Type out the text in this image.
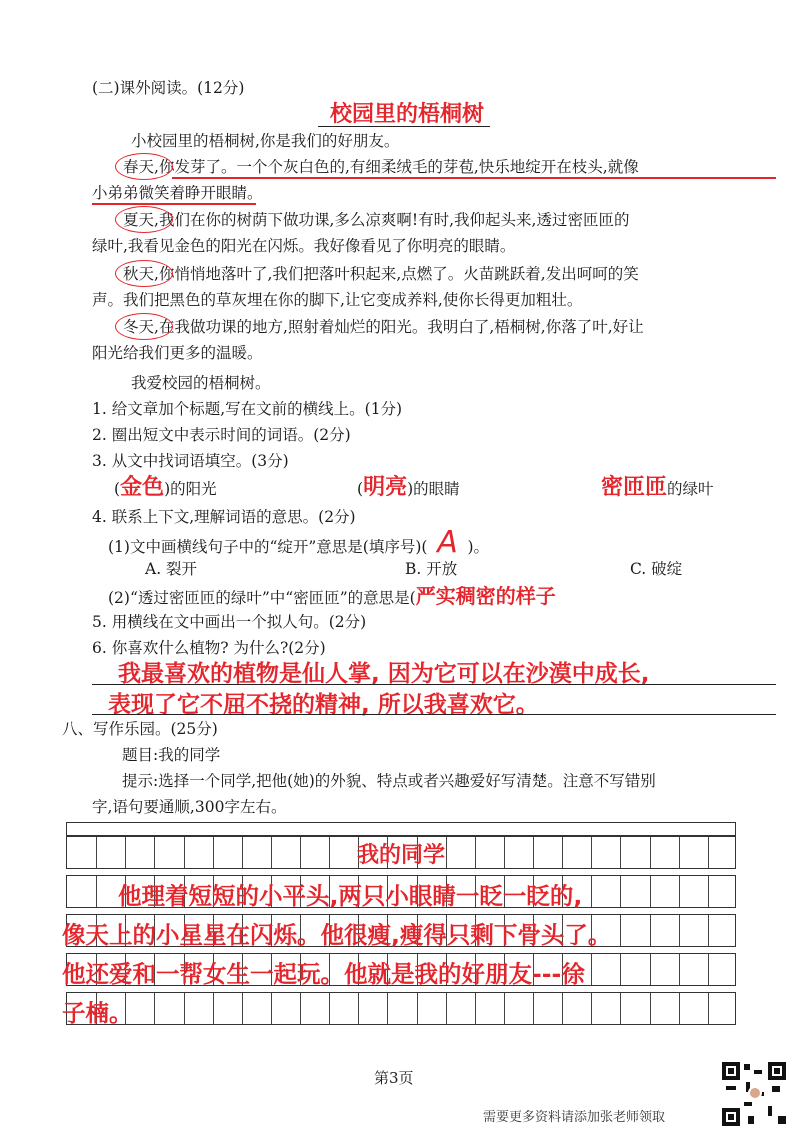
(二)课外阅读。(12分)
校园里的梧桐树
小校园里的梧桐树,你是我们的好朋友。
春天,你发芽了。一个个灰白色的,有细柔绒毛的芽苞,快乐地绽开在枝头,就像
小弟弟微笑着睁开眼睛。
夏天,我们在你的树荫下做功课,多么凉爽啊!有时,我仰起头来,透过密匝匝的
绿叶,我看见金色的阳光在闪烁。我好像看见了你明亮的眼睛。
秋天,你悄悄地落叶了,我们把落叶积起来,点燃了。火苗跳跃着,发出呵呵的笑
声。我们把黑色的草灰埋在你的脚下,让它变成养料,使你长得更加粗壮。
冬天,在我做功课的地方,照射着灿烂的阳光。我明白了,梧桐树,你落了叶,好让
阳光给我们更多的温暖。
我爱校园的梧桐树。
1. 给文章加个标题,写在文前的横线上。(1分)
2. 圈出短文中表示时间的词语。(2分)
3. 从文中找词语填空。(3分)
(金色)的阳光	(明亮)的眼睛	密匝匝的绿叶
4. 联系上下文,理解词语的意思。(2分)
(1)文中画横线句子中的“绽开”意思是(填序号)( A )。
A. 裂开	B. 开放	C. 破绽
(2)“透过密匝匝的绿叶”中“密匝匝”的意思是(严实稠密的样子
5. 用横线在文中画出一个拟人句。(2分)
6. 你喜欢什么植物? 为什么?(2分)
我最喜欢的植物是仙人掌, 因为它可以在沙漠中成长,
表现了它不屈不挠的精神, 所以我喜欢它。
八、写作乐园。(25分)
题目:我的同学
提示:选择一个同学,把他(她)的外貌、特点或者兴趣爱好写清楚。注意不写错别
字,语句要通顺,300字左右。
我的同学
他理着短短的小平头,两只小眼睛一眨一眨的,
像天上的小星星在闪烁。他很瘦,瘦得只剩下骨头了。
他还爱和一帮女生一起玩。他就是我的好朋友---徐
子楠。
第3页
需要更多资料请添加张老师领取
